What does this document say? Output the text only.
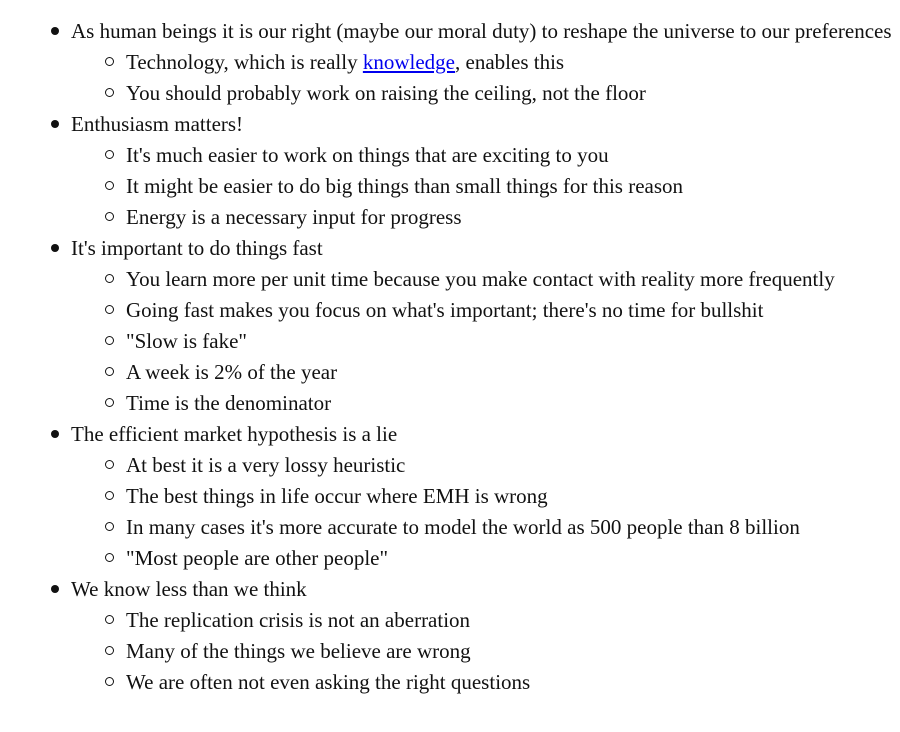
As human beings it is our right (maybe our moral duty) to reshape the universe to our preferences
Technology, which is really knowledge, enables this
You should probably work on raising the ceiling, not the floor
Enthusiasm matters!
It's much easier to work on things that are exciting to you
It might be easier to do big things than small things for this reason
Energy is a necessary input for progress
It's important to do things fast
You learn more per unit time because you make contact with reality more frequently
Going fast makes you focus on what's important; there's no time for bullshit
"Slow is fake"
A week is 2% of the year
Time is the denominator
The efficient market hypothesis is a lie
At best it is a very lossy heuristic
The best things in life occur where EMH is wrong
In many cases it's more accurate to model the world as 500 people than 8 billion
"Most people are other people"
We know less than we think
The replication crisis is not an aberration
Many of the things we believe are wrong
We are often not even asking the right questions
